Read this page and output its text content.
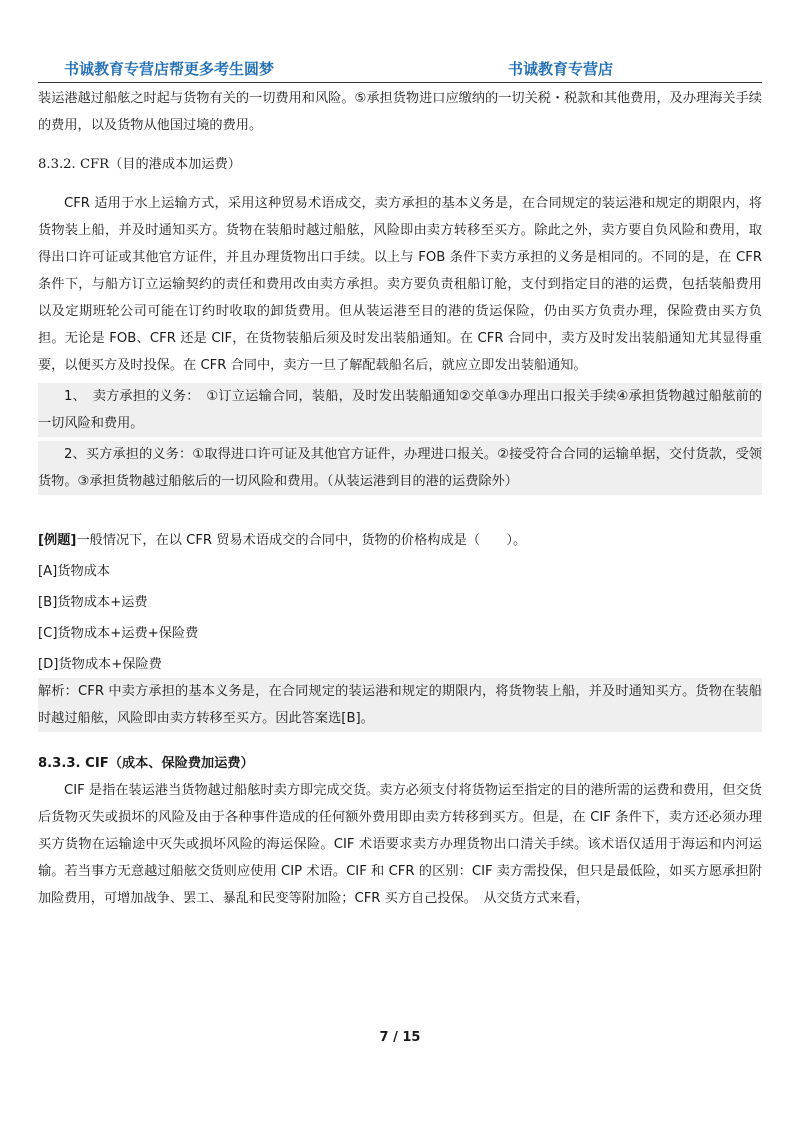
书诚教育专营店帮更多考生圆梦	书诚教育专营店

装运港越过船舷之时起与货物有关的一切费用和风险。⑤承担货物进口应缴纳的一切关税・税款和其他费用，及办理海关手续的费用，以及货物从他国过境的费用。

8.3.2. CFR（目的港成本加运费）

CFR 适用于水上运输方式，采用这种贸易术语成交，卖方承担的基本义务是，在合同规定的装运港和规定的期限内，将货物装上船，并及时通知买方。货物在装船时越过船舷，风险即由卖方转移至买方。除此之外，卖方要自负风险和费用，取得出口许可证或其他官方证件，并且办理货物出口手续。以上与 FOB 条件下卖方承担的义务是相同的。不同的是，在 CFR 条件下，与船方订立运输契约的责任和费用改由卖方承担。卖方要负责租船订舱，支付到指定目的港的运费，包括装船费用以及定期班轮公司可能在订约时收取的卸货费用。但从装运港至目的港的货运保险，仍由买方负责办理，保险费由买方负担。无论是 FOB、CFR 还是 CIF，在货物装船后须及时发出装船通知。在 CFR 合同中，卖方及时发出装船通知尤其显得重要，以便买方及时投保。在 CFR 合同中，卖方一旦了解配载船名后，就应立即发出装船通知。

1、　卖方承担的义务：　①订立运输合同，装船，及时发出装船通知②交单③办理出口报关手续④承担货物越过船舷前的一切风险和费用。

2、买方承担的义务：①取得进口许可证及其他官方证件，办理进口报关。②接受符合合同的运输单据，交付货款，受领货物。③承担货物越过船舷后的一切风险和费用。（从装运港到目的港的运费除外）

[例题]一般情况下，在以 CFR 贸易术语成交的合同中，货物的价格构成是（　　）。

[A]货物成本

[B]货物成本+运费

[C]货物成本+运费+保险费

[D]货物成本+保险费

解析：CFR 中卖方承担的基本义务是，在合同规定的装运港和规定的期限内，将货物装上船，并及时通知买方。货物在装船时越过船舷，风险即由卖方转移至买方。因此答案选[B]。

8.3.3. CIF（成本、保险费加运费）

CIF 是指在装运港当货物越过船舷时卖方即完成交货。卖方必须支付将货物运至指定的目的港所需的运费和费用，但交货后货物灭失或损坏的风险及由于各种事件造成的任何额外费用即由卖方转移到买方。但是，在 CIF 条件下，卖方还必须办理买方货物在运输途中灭失或损坏风险的海运保险。CIF 术语要求卖方办理货物出口清关手续。该术语仅适用于海运和内河运输。若当事方无意越过船舷交货则应使用 CIP 术语。CIF 和 CFR 的区别：CIF 卖方需投保，但只是最低险，如买方愿承担附加险费用，可增加战争、罢工、暴乱和民变等附加险；CFR 买方自己投保。　从交货方式来看，

7 / 15
